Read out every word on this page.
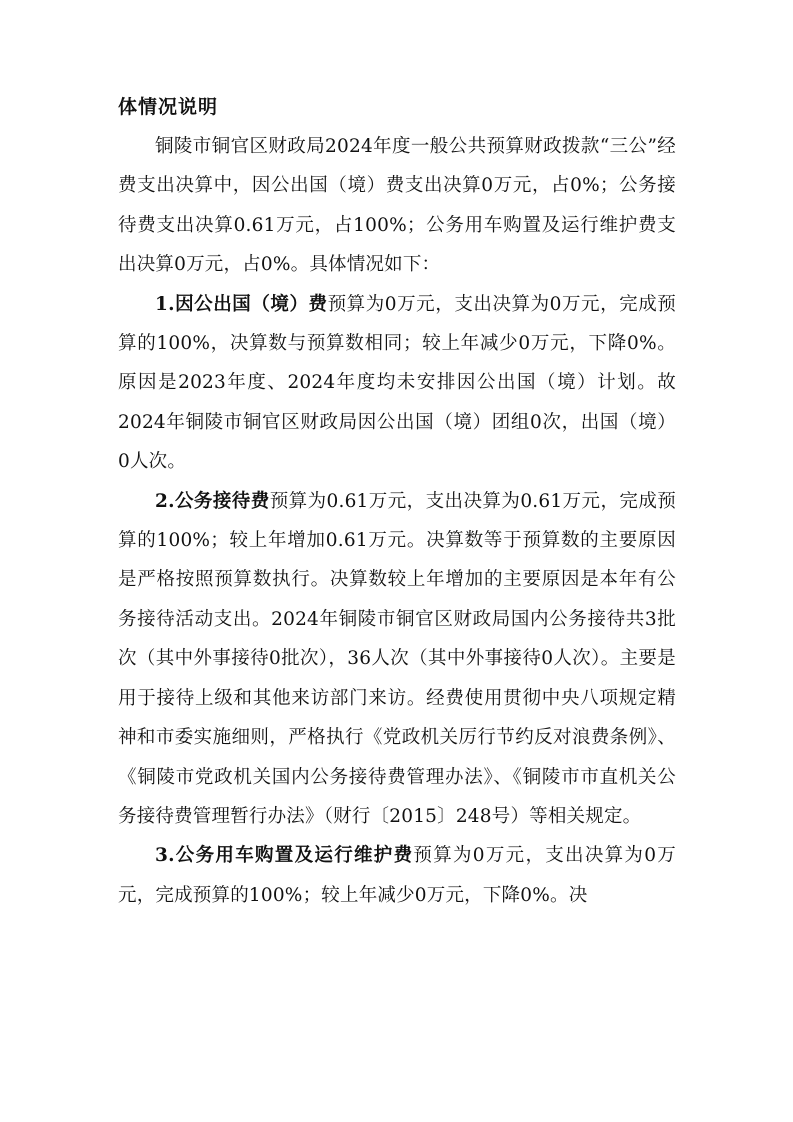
体情况说明

铜陵市铜官区财政局2024年度一般公共预算财政拨款“三公”经费支出决算中，因公出国（境）费支出决算0万元，占0%；公务接待费支出决算0.61万元，占100%；公务用车购置及运行维护费支出决算0万元，占0%。具体情况如下：

1.因公出国（境）费预算为0万元，支出决算为0万元，完成预算的100%，决算数与预算数相同；较上年减少0万元，下降0%。原因是2023年度、2024年度均未安排因公出国（境）计划。故2024年铜陵市铜官区财政局因公出国（境）团组0次，出国（境）0人次。

2.公务接待费预算为0.61万元，支出决算为0.61万元，完成预算的100%；较上年增加0.61万元。决算数等于预算数的主要原因是严格按照预算数执行。决算数较上年增加的主要原因是本年有公务接待活动支出。2024年铜陵市铜官区财政局国内公务接待共3批次（其中外事接待0批次），36人次（其中外事接待0人次）。主要是用于接待上级和其他来访部门来访。经费使用贯彻中央八项规定精神和市委实施细则，严格执行《党政机关厉行节约反对浪费条例》、《铜陵市党政机关国内公务接待费管理办法》、《铜陵市市直机关公务接待费管理暂行办法》（财行〔2015〕248号）等相关规定。

3.公务用车购置及运行维护费预算为0万元，支出决算为0万元，完成预算的100%；较上年减少0万元，下降0%。决
